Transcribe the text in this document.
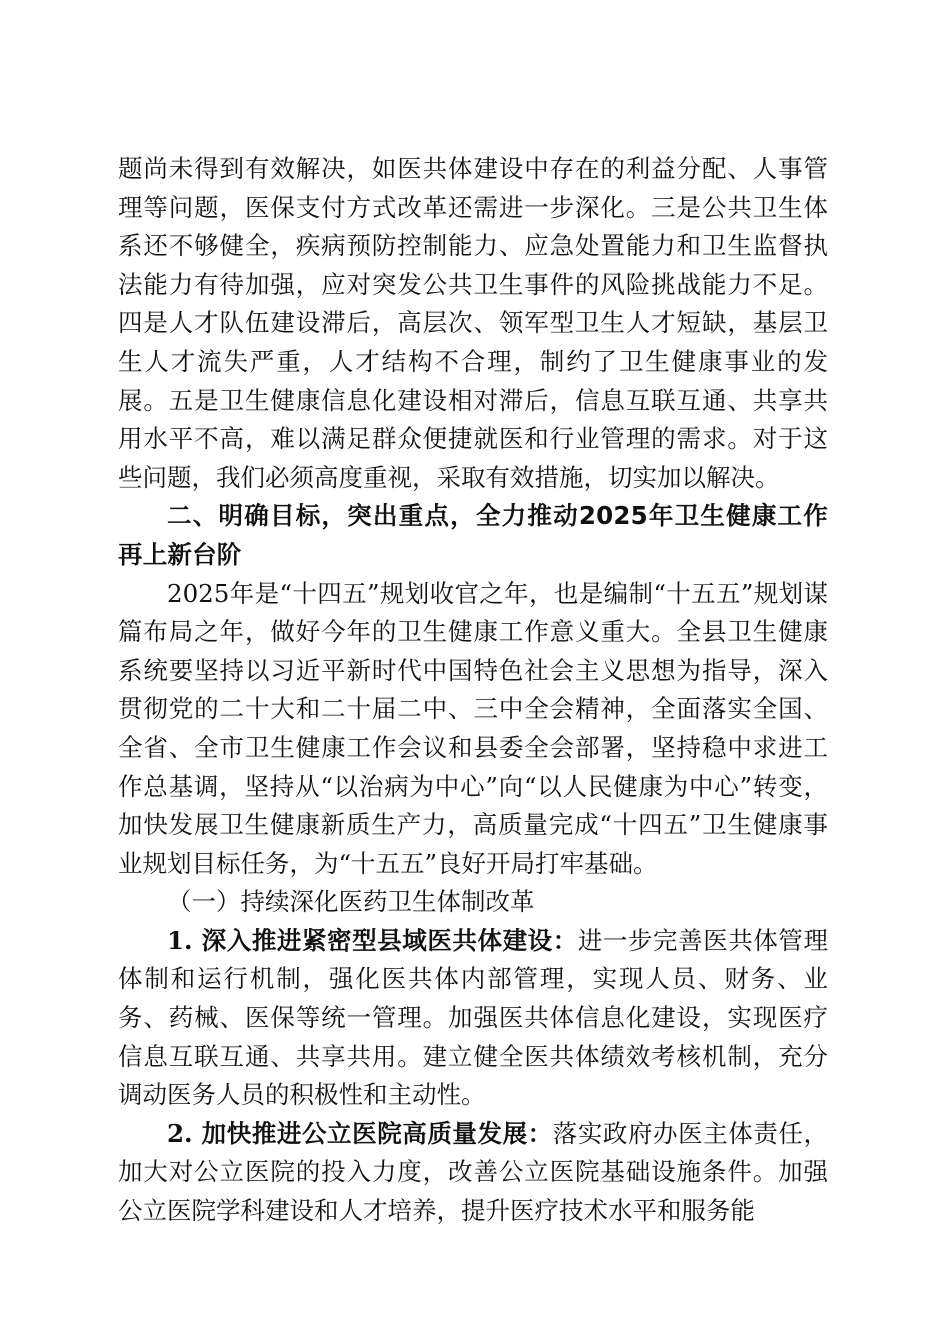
题尚未得到有效解决，如医共体建设中存在的利益分配、人事管理等问题，医保支付方式改革还需进一步深化。三是公共卫生体系还不够健全，疾病预防控制能力、应急处置能力和卫生监督执法能力有待加强，应对突发公共卫生事件的风险挑战能力不足。四是人才队伍建设滞后，高层次、领军型卫生人才短缺，基层卫生人才流失严重，人才结构不合理，制约了卫生健康事业的发展。五是卫生健康信息化建设相对滞后，信息互联互通、共享共用水平不高，难以满足群众便捷就医和行业管理的需求。对于这些问题，我们必须高度重视，采取有效措施，切实加以解决。

二、明确目标，突出重点，全力推动2025年卫生健康工作再上新台阶

2025年是“十四五”规划收官之年，也是编制“十五五”规划谋篇布局之年，做好今年的卫生健康工作意义重大。全县卫生健康系统要坚持以习近平新时代中国特色社会主义思想为指导，深入贯彻党的二十大和二十届二中、三中全会精神，全面落实全国、全省、全市卫生健康工作会议和县委全会部署，坚持稳中求进工作总基调，坚持从“以治病为中心”向“以人民健康为中心”转变，加快发展卫生健康新质生产力，高质量完成“十四五”卫生健康事业规划目标任务，为“十五五”良好开局打牢基础。

（一）持续深化医药卫生体制改革

1. 深入推进紧密型县域医共体建设：进一步完善医共体管理体制和运行机制，强化医共体内部管理，实现人员、财务、业务、药械、医保等统一管理。加强医共体信息化建设，实现医疗信息互联互通、共享共用。建立健全医共体绩效考核机制，充分调动医务人员的积极性和主动性。

2. 加快推进公立医院高质量发展：落实政府办医主体责任，加大对公立医院的投入力度，改善公立医院基础设施条件。加强公立医院学科建设和人才培养，提升医疗技术水平和服务能
